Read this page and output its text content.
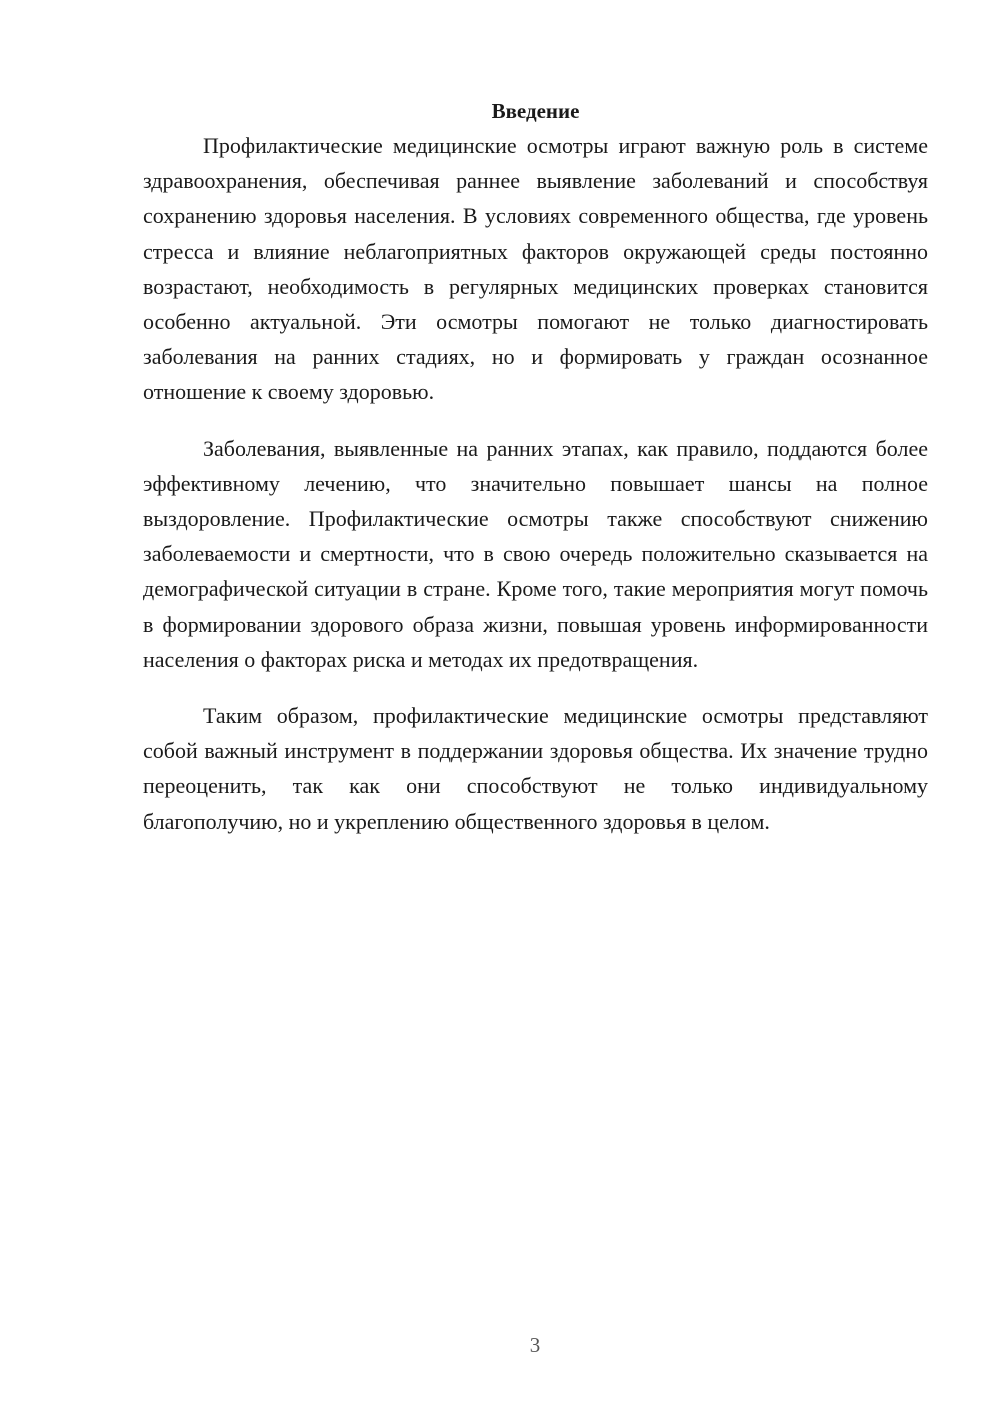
Введение

Профилактические медицинские осмотры играют важную роль в системе здравоохранения, обеспечивая раннее выявление заболеваний и способствуя сохранению здоровья населения. В условиях современного общества, где уровень стресса и влияние неблагоприятных факторов окружающей среды постоянно возрастают, необходимость в регулярных медицинских проверках становится особенно актуальной. Эти осмотры помогают не только диагностировать заболевания на ранних стадиях, но и формировать у граждан осознанное отношение к своему здоровью.

Заболевания, выявленные на ранних этапах, как правило, поддаются более эффективному лечению, что значительно повышает шансы на полное выздоровление. Профилактические осмотры также способствуют снижению заболеваемости и смертности, что в свою очередь положительно сказывается на демографической ситуации в стране. Кроме того, такие мероприятия могут помочь в формировании здорового образа жизни, повышая уровень информированности населения о факторах риска и методах их предотвращения.

Таким образом, профилактические медицинские осмотры представляют собой важный инструмент в поддержании здоровья общества. Их значение трудно переоценить, так как они способствуют не только индивидуальному благополучию, но и укреплению общественного здоровья в целом.

3
